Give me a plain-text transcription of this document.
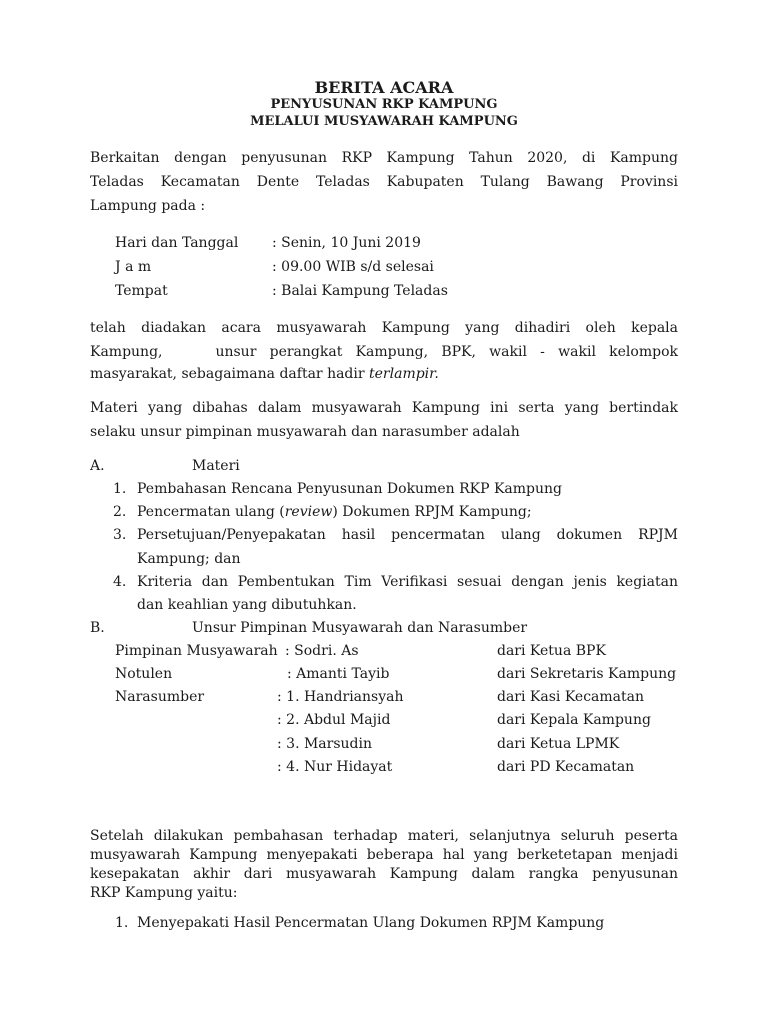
BERITA ACARA
PENYUSUNAN RKP KAMPUNG
MELALUI MUSYAWARAH KAMPUNG
Berkaitan dengan penyusunan RKP Kampung Tahun 2020, di Kampung
Teladas Kecamatan Dente Teladas Kabupaten Tulang Bawang Provinsi
Lampung pada :
Hari dan Tanggal : Senin, 10 Juni 2019
J a m	: 09.00 WIB s/d selesai
Tempat	: Balai Kampung Teladas
telah diadakan acara musyawarah Kampung yang dihadiri oleh kepala
Kampung,    unsur perangkat Kampung, BPK, wakil - wakil kelompok
masyarakat, sebagaimana daftar hadir terlampir.
Materi yang dibahas dalam musyawarah Kampung ini serta yang bertindak
selaku unsur pimpinan musyawarah dan narasumber adalah
A.	Materi
1. Pembahasan Rencana Penyusunan Dokumen RKP Kampung
2. Pencermatan ulang (review) Dokumen RPJM Kampung;
3. Persetujuan/Penyepakatan hasil pencermatan ulang dokumen RPJM
Kampung; dan
4. Kriteria dan Pembentukan Tim Verifikasi sesuai dengan jenis kegiatan
dan keahlian yang dibutuhkan.
B.	Unsur Pimpinan Musyawarah dan Narasumber
Pimpinan Musyawarah : Sodri. As	dari Ketua BPK
Notulen	: Amanti Tayib	dari Sekretaris Kampung
Narasumber	: 1. Handriansyah	dari Kasi Kecamatan
: 2. Abdul Majid	dari Kepala Kampung
: 3. Marsudin	dari Ketua LPMK
: 4. Nur Hidayat	dari PD Kecamatan
Setelah dilakukan pembahasan terhadap materi, selanjutnya seluruh peserta
musyawarah Kampung menyepakati beberapa hal yang berketetapan menjadi
kesepakatan akhir dari musyawarah Kampung dalam rangka penyusunan
RKP Kampung yaitu:
1. Menyepakati Hasil Pencermatan Ulang Dokumen RPJM Kampung
